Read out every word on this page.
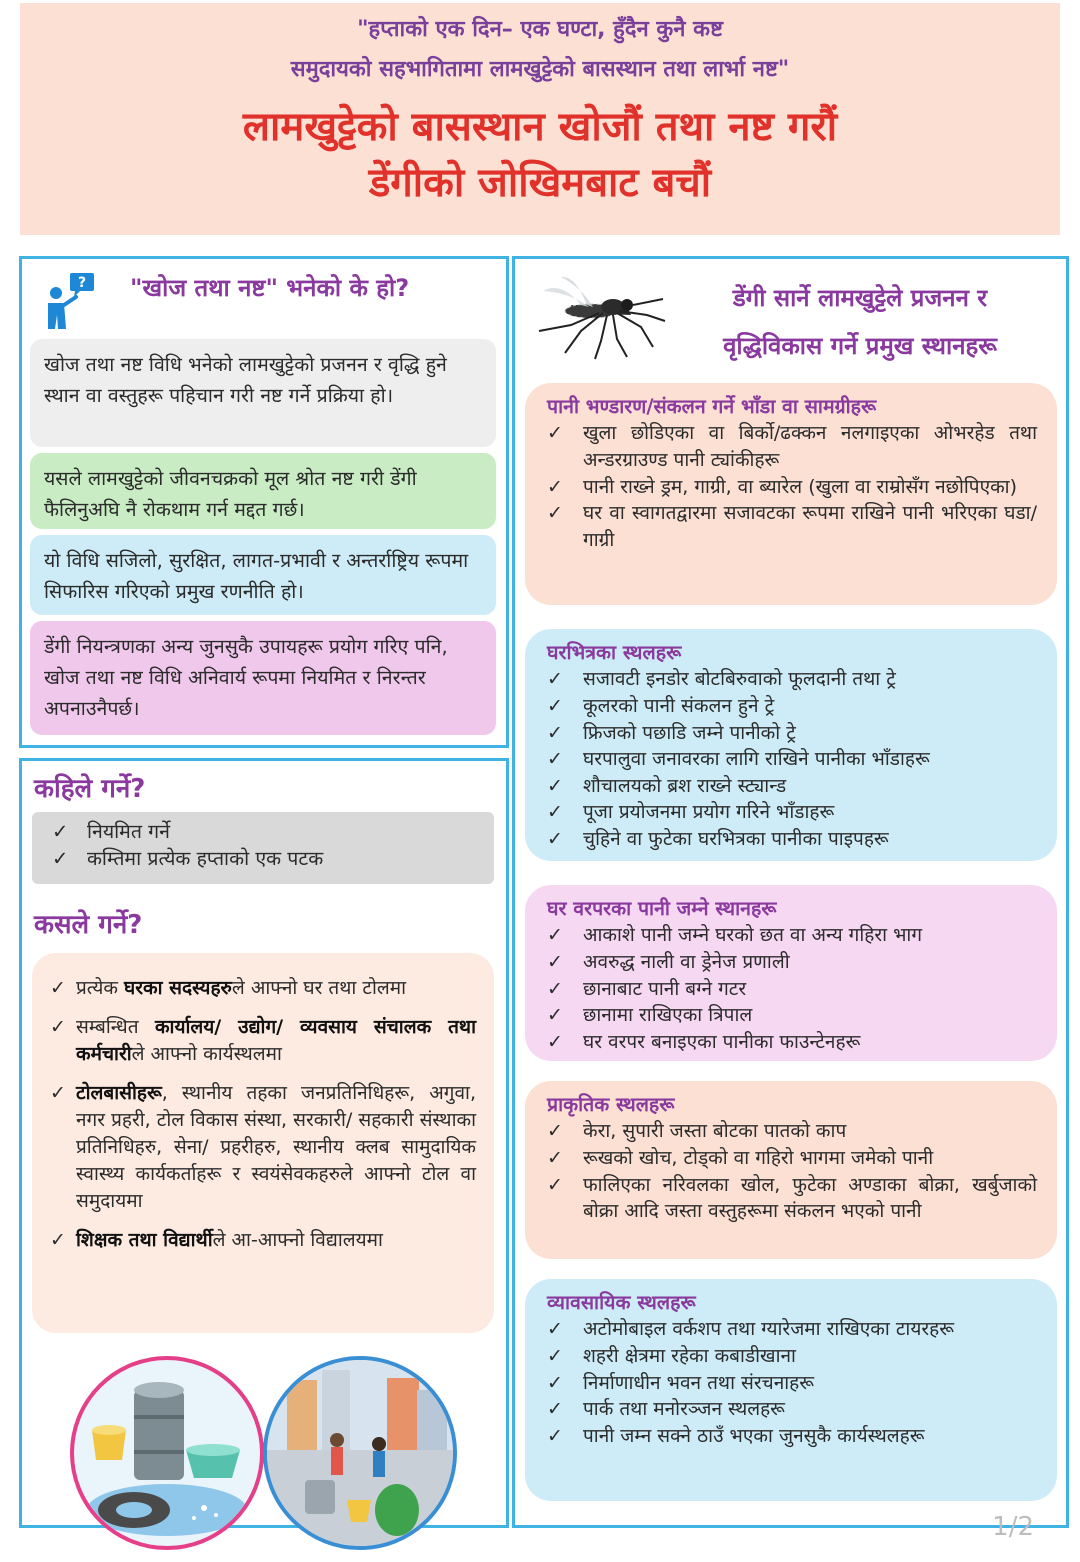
"हप्ताको एक दिन– एक घण्टा, हुँदैन कुनै कष्ट
समुदायको सहभागितामा लामखुट्टेको बासस्थान तथा लार्भा नष्ट"
लामखुट्टेको बासस्थान खोजौं तथा नष्ट गरौं
डेंगीको जोखिमबाट बचौं
? "खोज तथा नष्ट" भनेको के हो?
खोज तथा नष्ट विधि भनेको लामखुट्टेको प्रजनन र वृद्धि हुने स्थान वा वस्तुहरू पहिचान गरी नष्ट गर्ने प्रक्रिया हो।
यसले लामखुट्टेको जीवनचक्रको मूल श्रोत नष्ट गरी डेंगी फैलिनुअघि नै रोकथाम गर्न मद्दत गर्छ।
यो विधि सजिलो, सुरक्षित, लागत-प्रभावी र अन्तर्राष्ट्रिय रूपमा सिफारिस गरिएको प्रमुख रणनीति हो।
डेंगी नियन्त्रणका अन्य जुनसुकै उपायहरू प्रयोग गरिए पनि, खोज तथा नष्ट विधि अनिवार्य रूपमा नियमित र निरन्तर अपनाउनैपर्छ।
कहिले गर्ने?
✓ नियमित गर्ने
✓ कम्तिमा प्रत्येक हप्ताको एक पटक
कसले गर्ने?
✓ प्रत्येक घरका सदस्यहरुले आफ्नो घर तथा टोलमा
✓ सम्बन्धित कार्यालय/ उद्योग/ व्यवसाय संचालक तथा कर्मचारीले आफ्नो कार्यस्थलमा
✓ टोलबासीहरू, स्थानीय तहका जनप्रतिनिधिहरू, अगुवा, नगर प्रहरी, टोल विकास संस्था, सरकारी/ सहकारी संस्थाका प्रतिनिधिहरु, सेना/ प्रहरीहरु, स्थानीय क्लब सामुदायिक स्वास्थ्य कार्यकर्ताहरू र स्वयंसेवकहरुले आफ्नो टोल वा समुदायमा
✓ शिक्षक तथा विद्यार्थीले आ-आफ्नो विद्यालयमा
डेंगी सार्ने लामखुट्टेले प्रजनन र
वृद्धिविकास गर्ने प्रमुख स्थानहरू
पानी भण्डारण/संकलन गर्ने भाँडा वा सामग्रीहरू
✓	खुला छोडिएका वा बिर्को/ढक्कन नलगाइएका ओभरहेड तथा अन्डरग्राउण्ड पानी ट्यांकीहरू
✓	पानी राख्ने ड्रम, गाग्री, वा ब्यारेल (खुला वा राम्रोसँग नछोपिएका)
✓	घर वा स्वागतद्वारमा सजावटका रूपमा राखिने पानी भरिएका घडा/गाग्री
घरभित्रका स्थलहरू
✓	सजावटी इनडोर बोटबिरुवाको फूलदानी तथा ट्रे
✓	कूलरको पानी संकलन हुने ट्रे
✓	फ्रिजको पछाडि जम्ने पानीको ट्रे
✓	घरपालुवा जनावरका लागि राखिने पानीका भाँडाहरू
✓	शौचालयको ब्रश राख्ने स्ट्यान्ड
✓	पूजा प्रयोजनमा प्रयोग गरिने भाँडाहरू
✓	चुहिने वा फुटेका घरभित्रका पानीका पाइपहरू
घर वरपरका पानी जम्ने स्थानहरू
✓	आकाशे पानी जम्ने घरको छत वा अन्य गहिरा भाग
✓	अवरुद्ध नाली वा ड्रेनेज प्रणाली
✓	छानाबाट पानी बग्ने गटर
✓	छानामा राखिएका त्रिपाल
✓	घर वरपर बनाइएका पानीका फाउन्टेनहरू
प्राकृतिक स्थलहरू
✓	केरा, सुपारी जस्ता बोटका पातको काप
✓	रूखको खोच, टोड्को वा गहिरो भागमा जमेको पानी
✓	फालिएका नरिवलका खोल, फुटेका अण्डाका बोक्रा, खर्बुजाको बोक्रा आदि जस्ता वस्तुहरूमा संकलन भएको पानी
व्यावसायिक स्थलहरू
✓	अटोमोबाइल वर्कशप तथा ग्यारेजमा राखिएका टायरहरू
✓	शहरी क्षेत्रमा रहेका कबाडीखाना
✓	निर्माणाधीन भवन तथा संरचनाहरू
✓	पार्क तथा मनोरञ्जन स्थलहरू
✓	पानी जम्न सक्ने ठाउँ भएका जुनसुकै कार्यस्थलहरू
1/2
